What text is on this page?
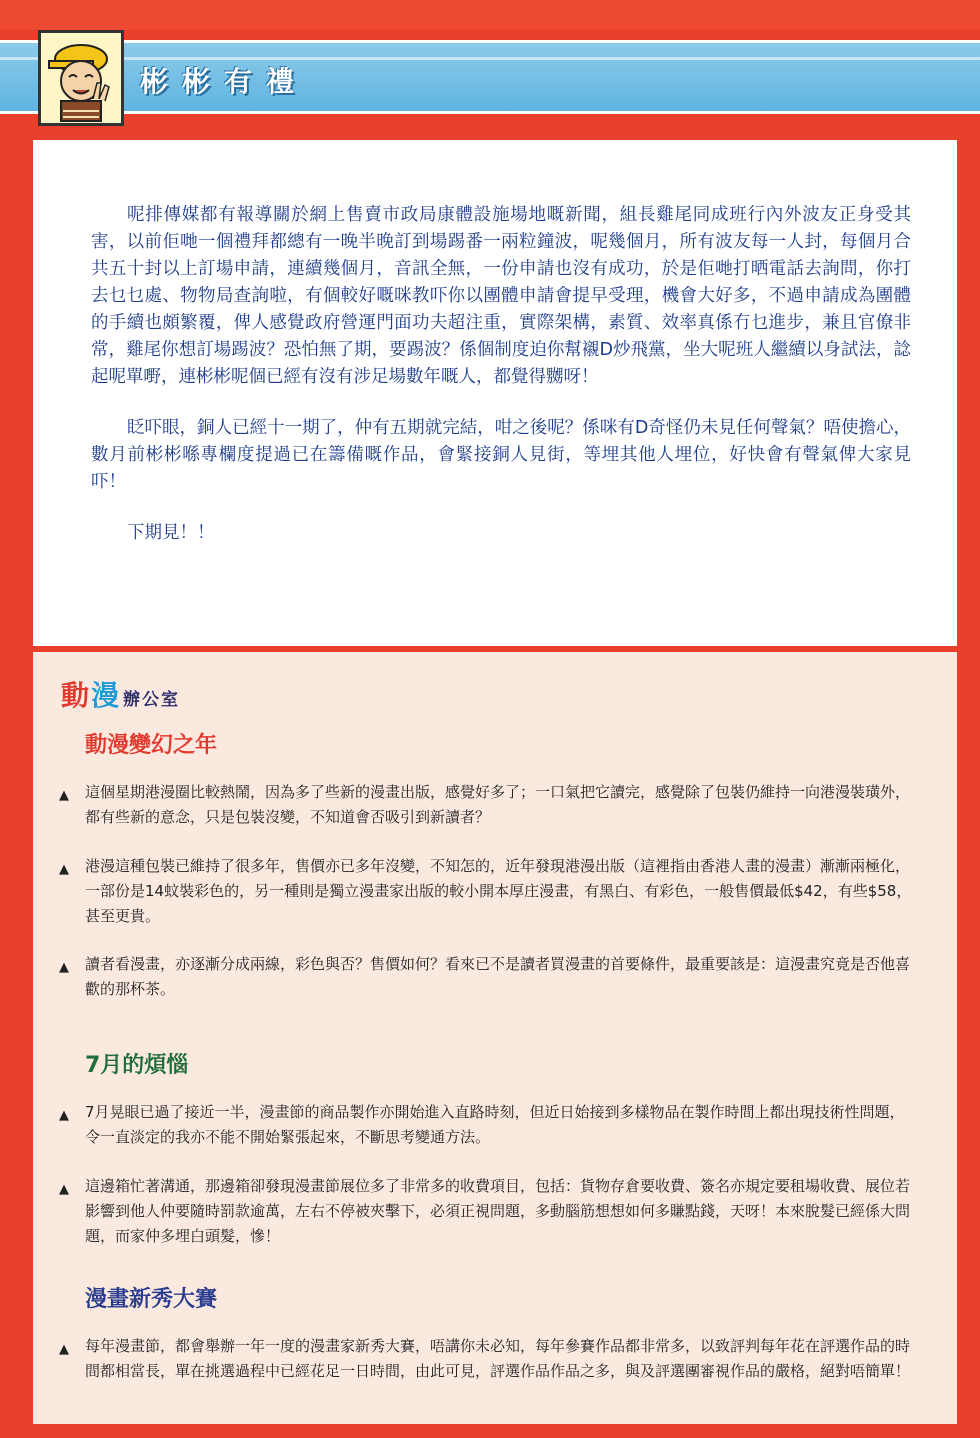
彬彬有禮

呢排傳媒都有報導關於網上售賣市政局康體設施場地嘅新聞，組長雞尾同成班行內外波友正身受其害，以前佢哋一個禮拜都總有一晚半晚訂到場踢番一兩粒鐘波，呢幾個月，所有波友每一人封，每個月合共五十封以上訂場申請，連續幾個月，音訊全無，一份申請也沒有成功，於是佢哋打晒電話去詢問，你打去乜乜處、物物局查詢啦，有個較好嘅咪教吓你以團體申請會提早受理，機會大好多，不過申請成為團體的手續也頗繁覆，俾人感覺政府營運門面功夫超注重，實際架構，素質、效率真係冇乜進步，兼且官僚非常，雞尾你想訂場踢波？恐怕無了期，要踢波？係個制度迫你幫襯D炒飛黨，坐大呢班人繼續以身試法，諗起呢單嘢，連彬彬呢個已經有沒有涉足場數年嘅人，都覺得嬲呀！

眨吓眼，銅人已經十一期了，仲有五期就完結，咁之後呢？係咪有D奇怪仍未見任何聲氣？唔使擔心，數月前彬彬喺專欄度提過已在籌備嘅作品，會緊接銅人見街，等埋其他人埋位，好快會有聲氣俾大家見吓！

下期見！！

動漫 辦公室
動漫變幻之年
▲ 這個星期港漫圈比較熱鬧，因為多了些新的漫畫出版，感覺好多了；一口氣把它讀完，感覺除了包裝仍維持一向港漫裝璜外，都有些新的意念，只是包裝沒變，不知道會否吸引到新讀者？
▲ 港漫這種包裝已維持了很多年，售價亦已多年沒變，不知怎的，近年發現港漫出版（這裡指由香港人畫的漫畫）漸漸兩極化，一部份是14蚊裝彩色的，另一種則是獨立漫畫家出版的較小開本厚庄漫畫，有黑白、有彩色，一般售價最低$42，有些$58，甚至更貴。
▲ 讀者看漫畫，亦逐漸分成兩線，彩色與否？售價如何？看來已不是讀者買漫畫的首要條件，最重要該是：這漫畫究竟是否他喜歡的那杯茶。
7月的煩惱
▲ 7月晃眼已過了接近一半，漫畫節的商品製作亦開始進入直路時刻，但近日始接到多樣物品在製作時間上都出現技術性問題，令一直淡定的我亦不能不開始緊張起來，不斷思考變通方法。
▲ 這邊箱忙著溝通，那邊箱卻發現漫畫節展位多了非常多的收費項目，包括：貨物存倉要收費、簽名亦規定要租場收費、展位若影響到他人仲要隨時罰款逾萬，左右不停被夾擊下，必須正視問題，多動腦筋想想如何多賺點錢，天呀！本來脫髮已經係大問題，而家仲多埋白頭髮，慘！
漫畫新秀大賽
▲ 每年漫畫節，都會舉辦一年一度的漫畫家新秀大賽，唔講你未必知，每年參賽作品都非常多，以致評判每年花在評選作品的時間都相當長，單在挑選過程中已經花足一日時間，由此可見，評選作品作品之多，與及評選團審視作品的嚴格，絕對唔簡單！
